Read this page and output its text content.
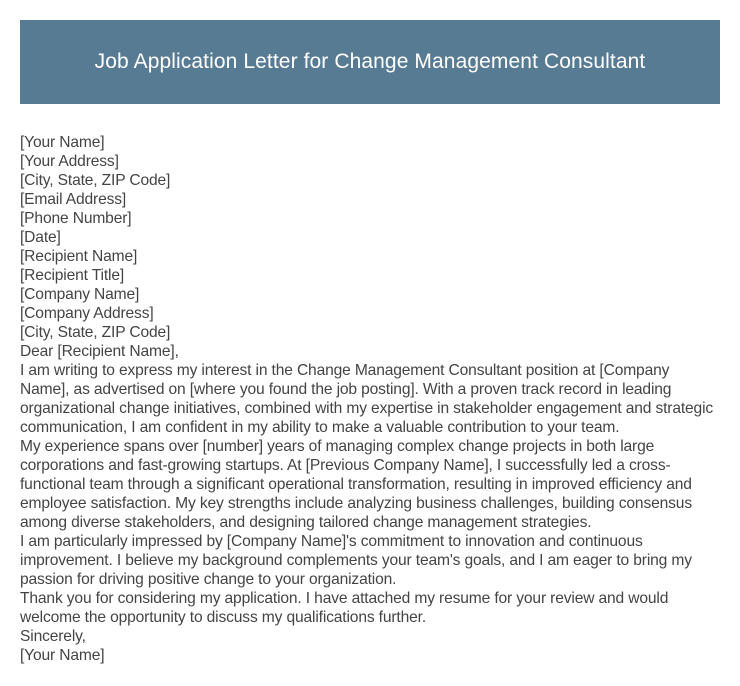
Job Application Letter for Change Management Consultant

[Your Name]

[Your Address]

[City, State, ZIP Code]

[Email Address]

[Phone Number]

[Date]

[Recipient Name]

[Recipient Title]

[Company Name]

[Company Address]

[City, State, ZIP Code]

Dear [Recipient Name],

I am writing to express my interest in the Change Management Consultant position at [Company Name], as advertised on [where you found the job posting]. With a proven track record in leading organizational change initiatives, combined with my expertise in stakeholder engagement and strategic communication, I am confident in my ability to make a valuable contribution to your team.

My experience spans over [number] years of managing complex change projects in both large corporations and fast-growing startups. At [Previous Company Name], I successfully led a cross-functional team through a significant operational transformation, resulting in improved efficiency and employee satisfaction. My key strengths include analyzing business challenges, building consensus among diverse stakeholders, and designing tailored change management strategies.

I am particularly impressed by [Company Name]'s commitment to innovation and continuous improvement. I believe my background complements your team's goals, and I am eager to bring my passion for driving positive change to your organization.

Thank you for considering my application. I have attached my resume for your review and would welcome the opportunity to discuss my qualifications further.

Sincerely,

[Your Name]
